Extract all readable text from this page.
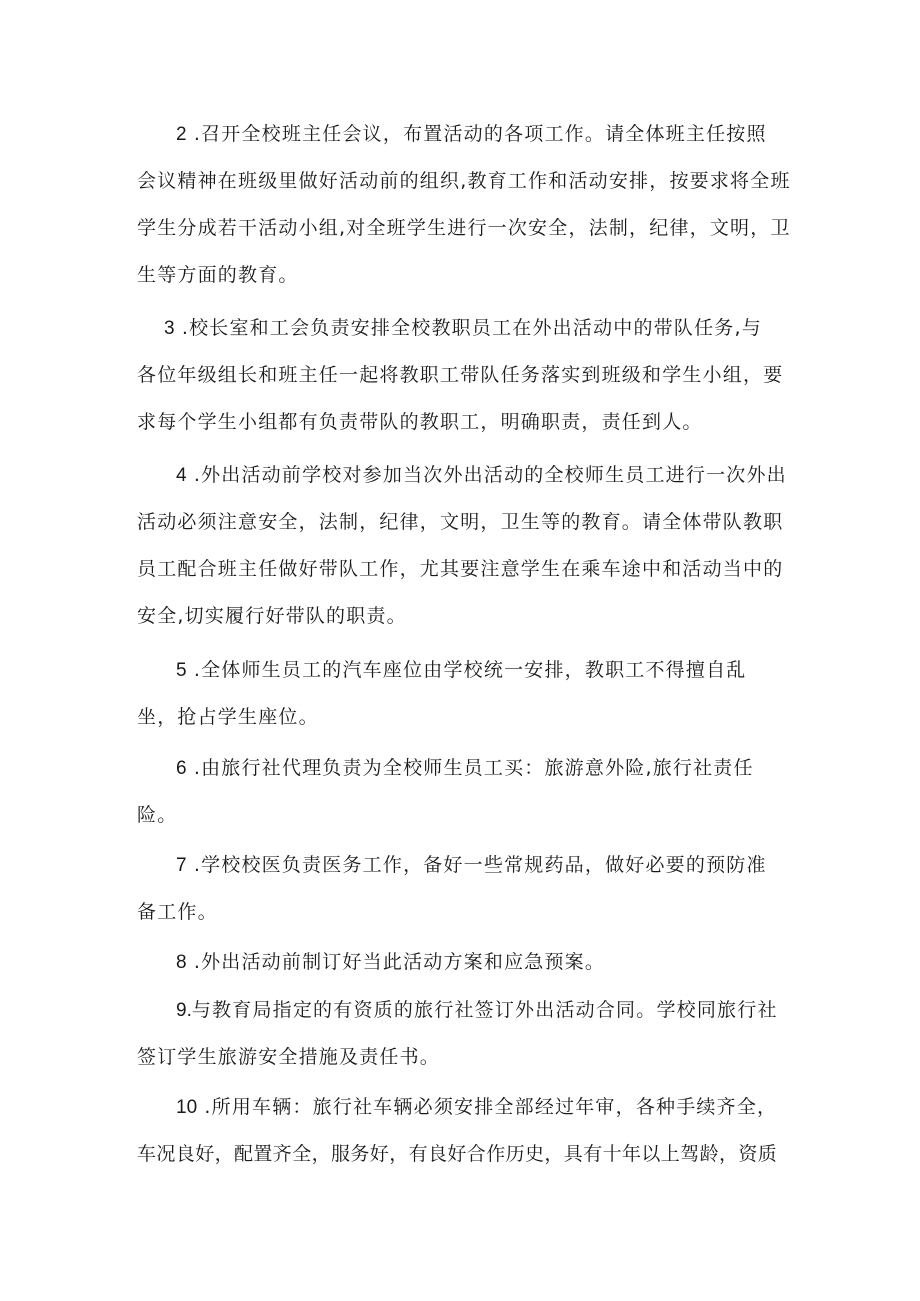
2 .召开全校班主任会议，布置活动的各项工作。请全体班主任按照
会议精神在班级里做好活动前的组织,教育工作和活动安排，按要求将全班
学生分成若干活动小组,对全班学生进行一次安全，法制，纪律，文明，卫
生等方面的教育。
3 .校长室和工会负责安排全校教职员工在外出活动中的带队任务,与
各位年级组长和班主任一起将教职工带队任务落实到班级和学生小组，要
求每个学生小组都有负责带队的教职工，明确职责，责任到人。
4 .外出活动前学校对参加当次外出活动的全校师生员工进行一次外出
活动必须注意安全，法制，纪律，文明，卫生等的教育。请全体带队教职
员工配合班主任做好带队工作，尤其要注意学生在乘车途中和活动当中的
安全,切实履行好带队的职责。
5 .全体师生员工的汽车座位由学校统一安排，教职工不得擅自乱
坐，抢占学生座位。
6 .由旅行社代理负责为全校师生员工买：旅游意外险,旅行社责任
险。
7 .学校校医负责医务工作，备好一些常规药品，做好必要的预防准
备工作。
8 .外出活动前制订好当此活动方案和应急预案。
9.与教育局指定的有资质的旅行社签订外出活动合同。学校同旅行社
签订学生旅游安全措施及责任书。
10 .所用车辆：旅行社车辆必须安排全部经过年审，各种手续齐全，
车况良好，配置齐全，服务好，有良好合作历史，具有十年以上驾龄，资质
